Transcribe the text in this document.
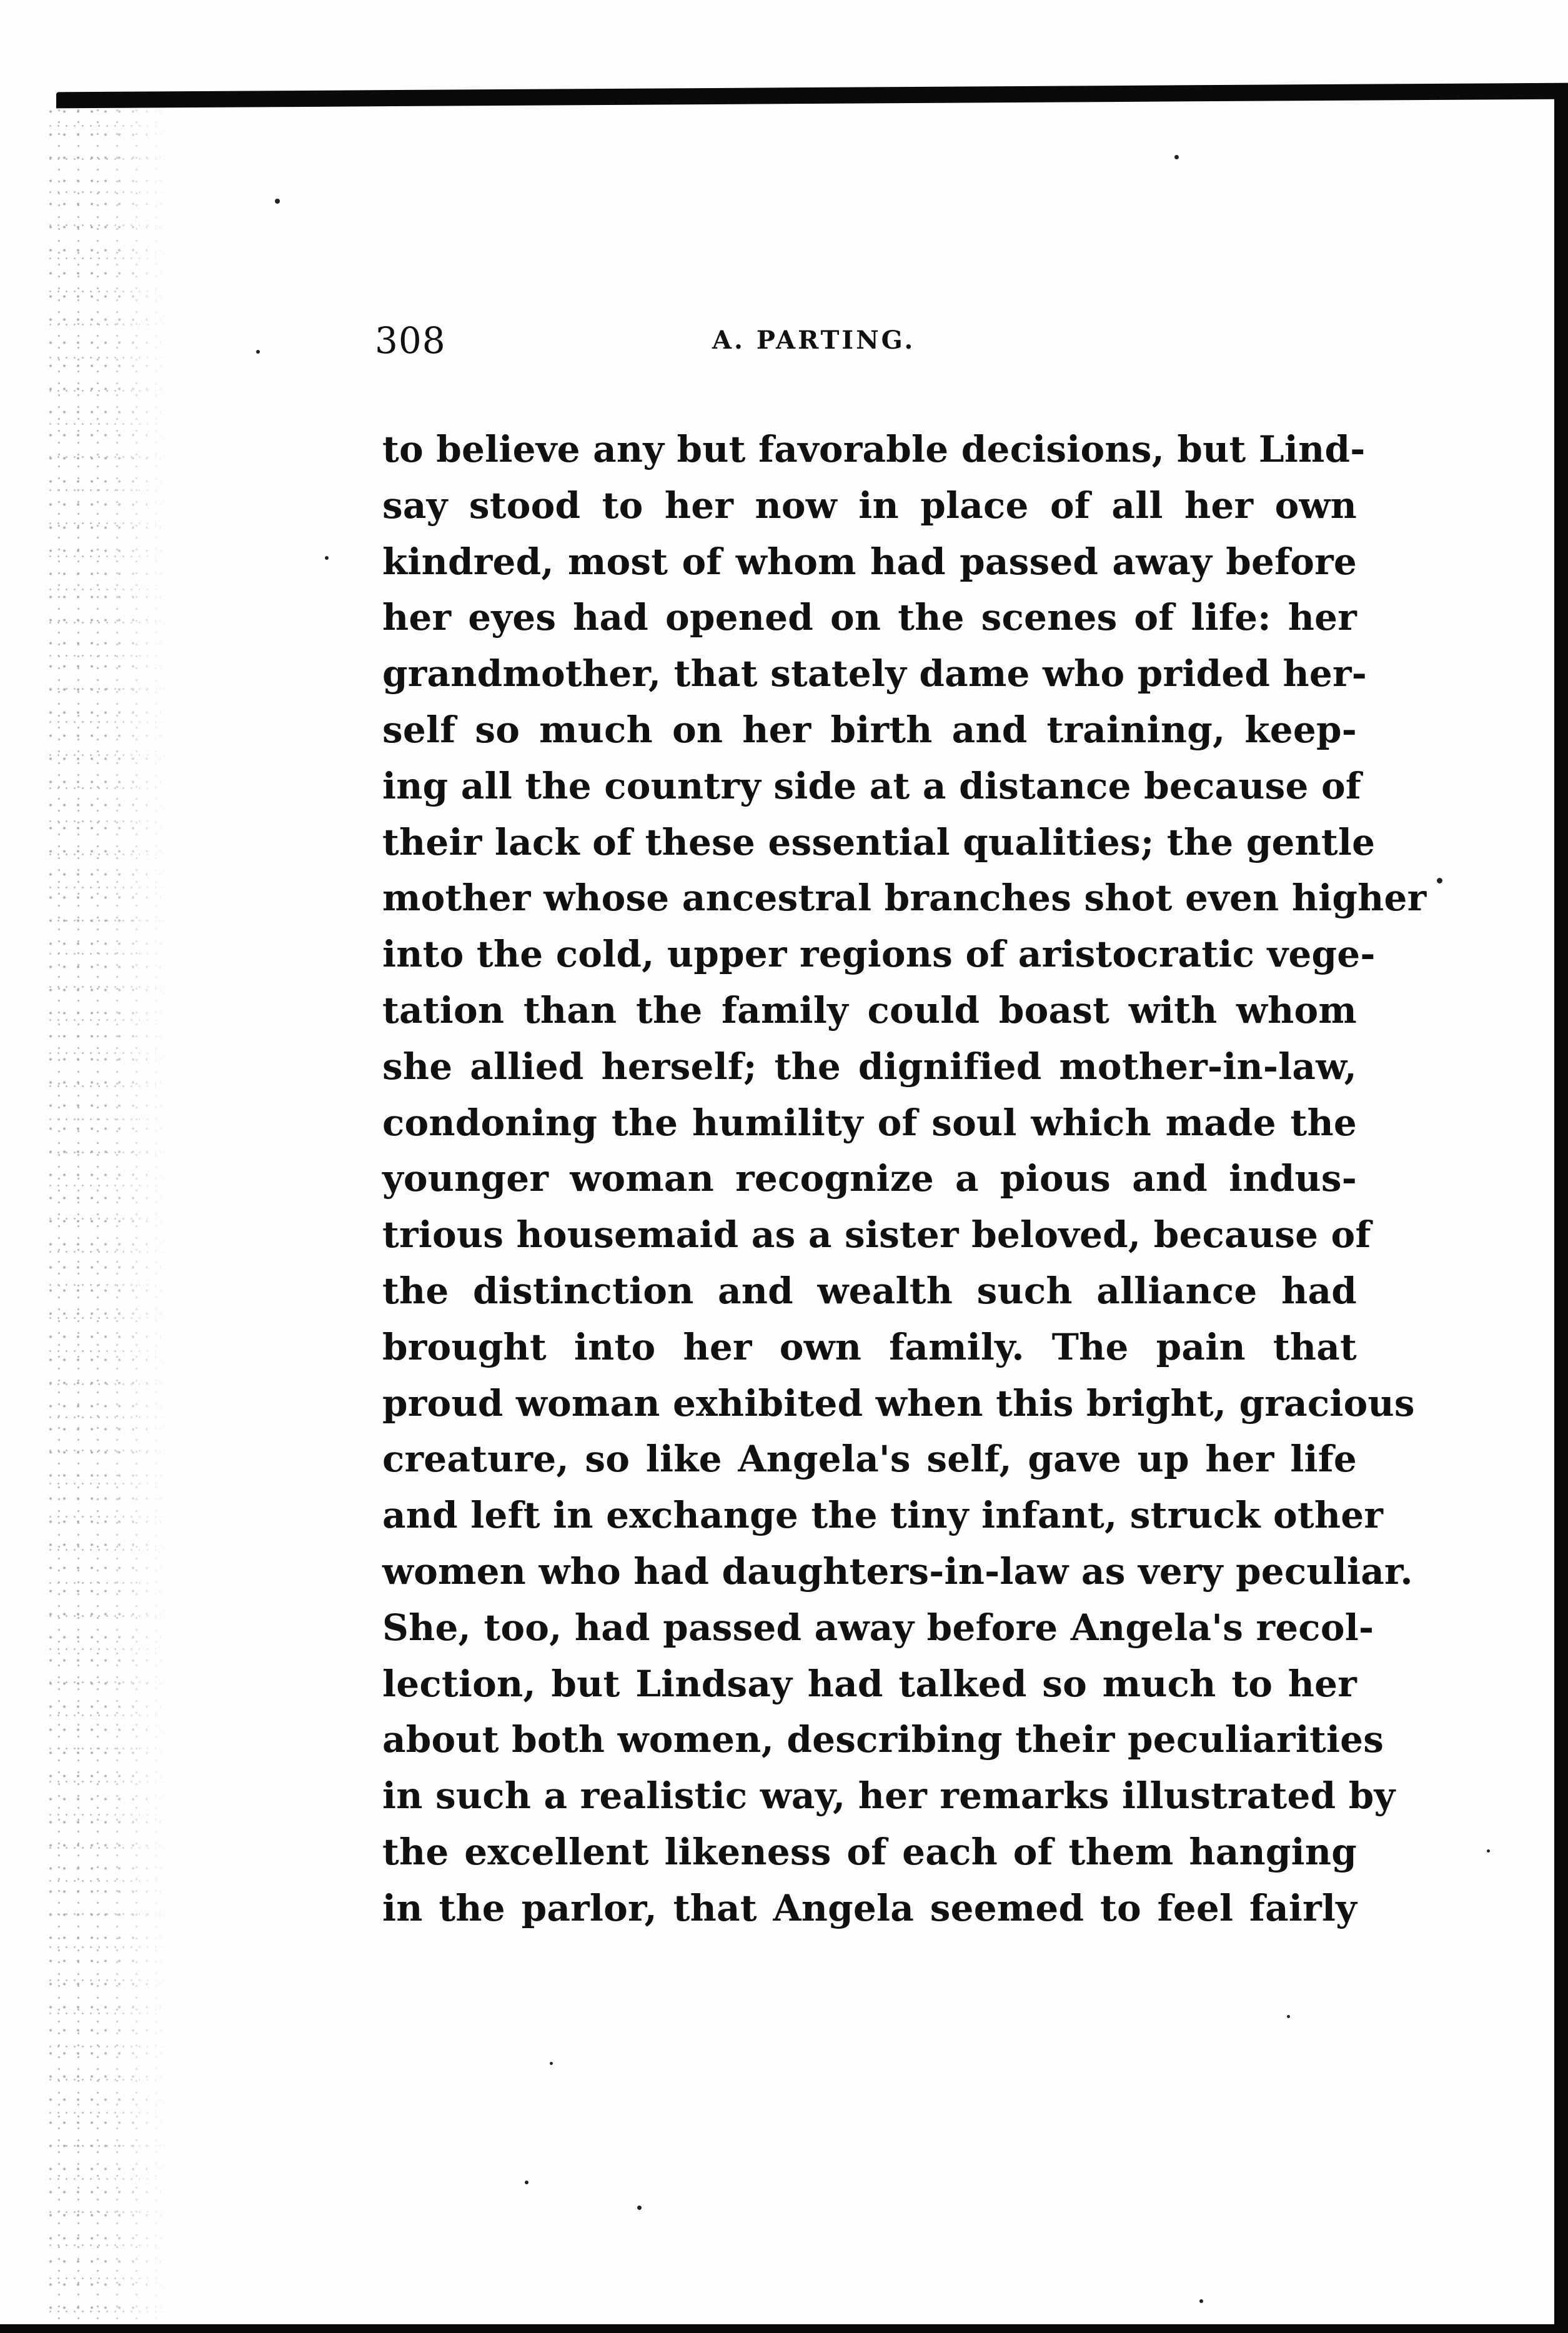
308	A. PARTING.
to believe any but favorable decisions, but Lind-
say stood to her now in place of all her own
kindred, most of whom had passed away before
her eyes had opened on the scenes of life: her
grandmother, that stately dame who prided her-
self so much on her birth and training, keep-
ing all the country side at a distance because of
their lack of these essential qualities; the gentle
mother whose ancestral branches shot even higher
into the cold, upper regions of aristocratic vege-
tation than the family could boast with whom
she allied herself; the dignified mother-in-law,
condoning the humility of soul which made the
younger woman recognize a pious and indus-
trious housemaid as a sister beloved, because of
the distinction and wealth such alliance had
brought into her own family. The pain that
proud woman exhibited when this bright, gracious
creature, so like Angela's self, gave up her life
and left in exchange the tiny infant, struck other
women who had daughters-in-law as very peculiar.
She, too, had passed away before Angela's recol-
lection, but Lindsay had talked so much to her
about both women, describing their peculiarities
in such a realistic way, her remarks illustrated by
the excellent likeness of each of them hanging
in the parlor, that Angela seemed to feel fairly
